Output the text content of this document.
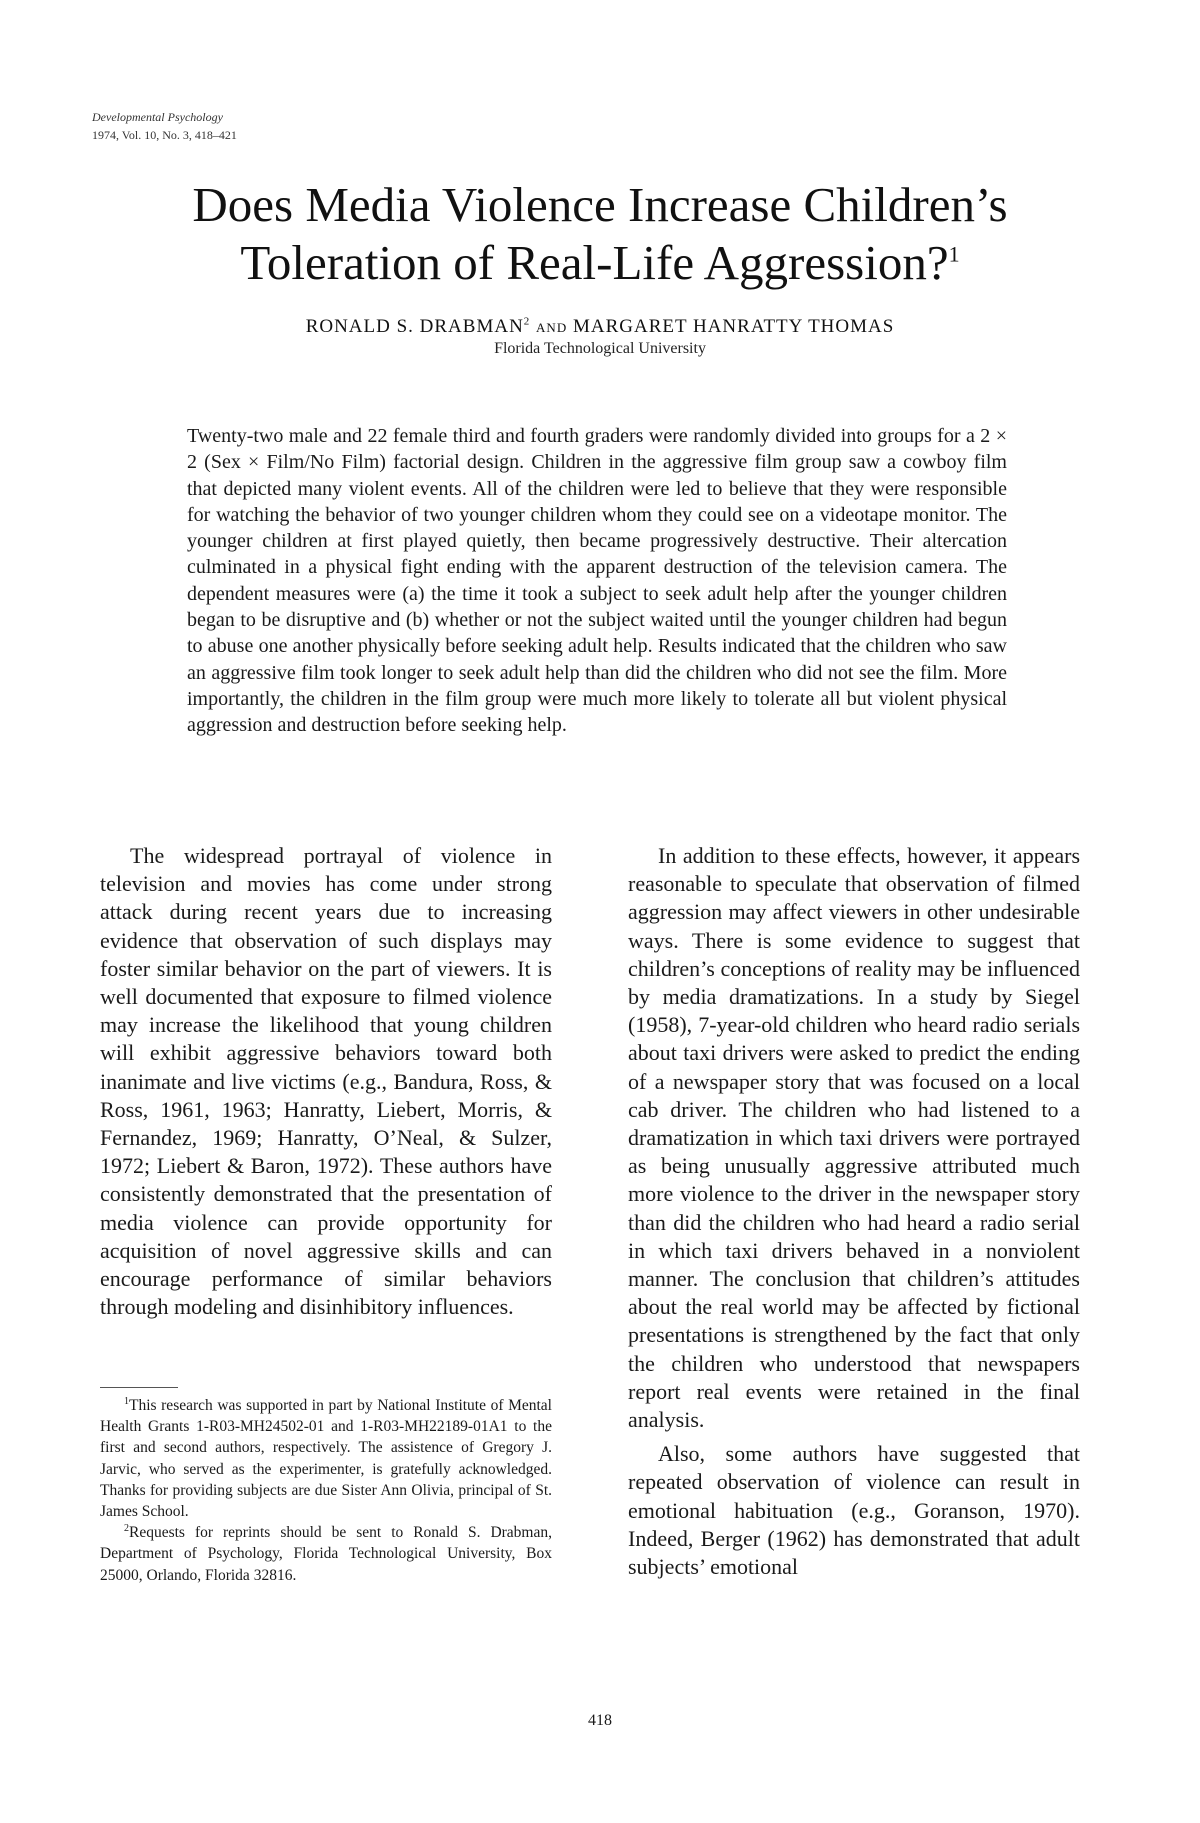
Developmental Psychology
1974, Vol. 10, No. 3, 418–421
Does Media Violence Increase Children’s
Toleration of Real-Life Aggression?$^1$
RONALD S. DRABMAN$^2$ AND MARGARET HANRATTY THOMAS
Florida Technological University

Twenty-two male and 22 female third and fourth graders were randomly divided into groups for a 2 × 2 (Sex × Film/No Film) factorial design. Children in the aggressive film group saw a cowboy film that depicted many violent events. All of the children were led to believe that they were responsible for watching the behavior of two younger children whom they could see on a videotape monitor. The younger children at first played quietly, then became progressively destructive. Their altercation culminated in a physical fight ending with the apparent destruction of the television camera. The dependent measures were (a) the time it took a subject to seek adult help after the younger children began to be disruptive and (b) whether or not the subject waited until the younger children had begun to abuse one another physically before seeking adult help. Results indicated that the children who saw an aggressive film took longer to seek adult help than did the children who did not see the film. More importantly, the children in the film group were much more likely to tolerate all but violent physical aggression and destruction before seeking help.

The widespread portrayal of violence in television and movies has come under strong attack during recent years due to increasing evidence that observation of such displays may foster similar behavior on the part of viewers. It is well documented that exposure to filmed violence may increase the likelihood that young children will exhibit aggressive behaviors toward both inanimate and live victims (e.g., Bandura, Ross, & Ross, 1961, 1963; Hanratty, Liebert, Morris, & Fernandez, 1969; Hanratty, O’Neal, & Sulzer, 1972; Liebert & Baron, 1972). These authors have consistently demonstrated that the presentation of media violence can provide opportunity for acquisition of novel aggressive skills and can encourage performance of similar behaviors through modeling and disinhibitory influences.

In addition to these effects, however, it appears reasonable to speculate that observation of filmed aggression may affect viewers in other undesirable ways. There is some evidence to suggest that children’s conceptions of reality may be influenced by media dramatizations. In a study by Siegel (1958), 7-year-old children who heard radio serials about taxi drivers were asked to predict the ending of a newspaper story that was focused on a local cab driver. The children who had listened to a dramatization in which taxi drivers were portrayed as being unusually aggressive attributed much more violence to the driver in the newspaper story than did the children who had heard a radio serial in which taxi drivers behaved in a nonviolent manner. The conclusion that children’s attitudes about the real world may be affected by fictional presentations is strengthened by the fact that only the children who understood that newspapers report real events were retained in the final analysis.

Also, some authors have suggested that repeated observation of violence can result in emotional habituation (e.g., Goranson, 1970). Indeed, Berger (1962) has demonstrated that adult subjects’ emotional

$^1$This research was supported in part by National Institute of Mental Health Grants 1-R03-MH24502-01 and 1-R03-MH22189-01A1 to the first and second authors, respectively. The assistence of Gregory J. Jarvic, who served as the experimenter, is gratefully acknowledged. Thanks for providing subjects are due Sister Ann Olivia, principal of St. James School.

$^2$Requests for reprints should be sent to Ronald S. Drabman, Department of Psychology, Florida Technological University, Box 25000, Orlando, Florida 32816.

418
